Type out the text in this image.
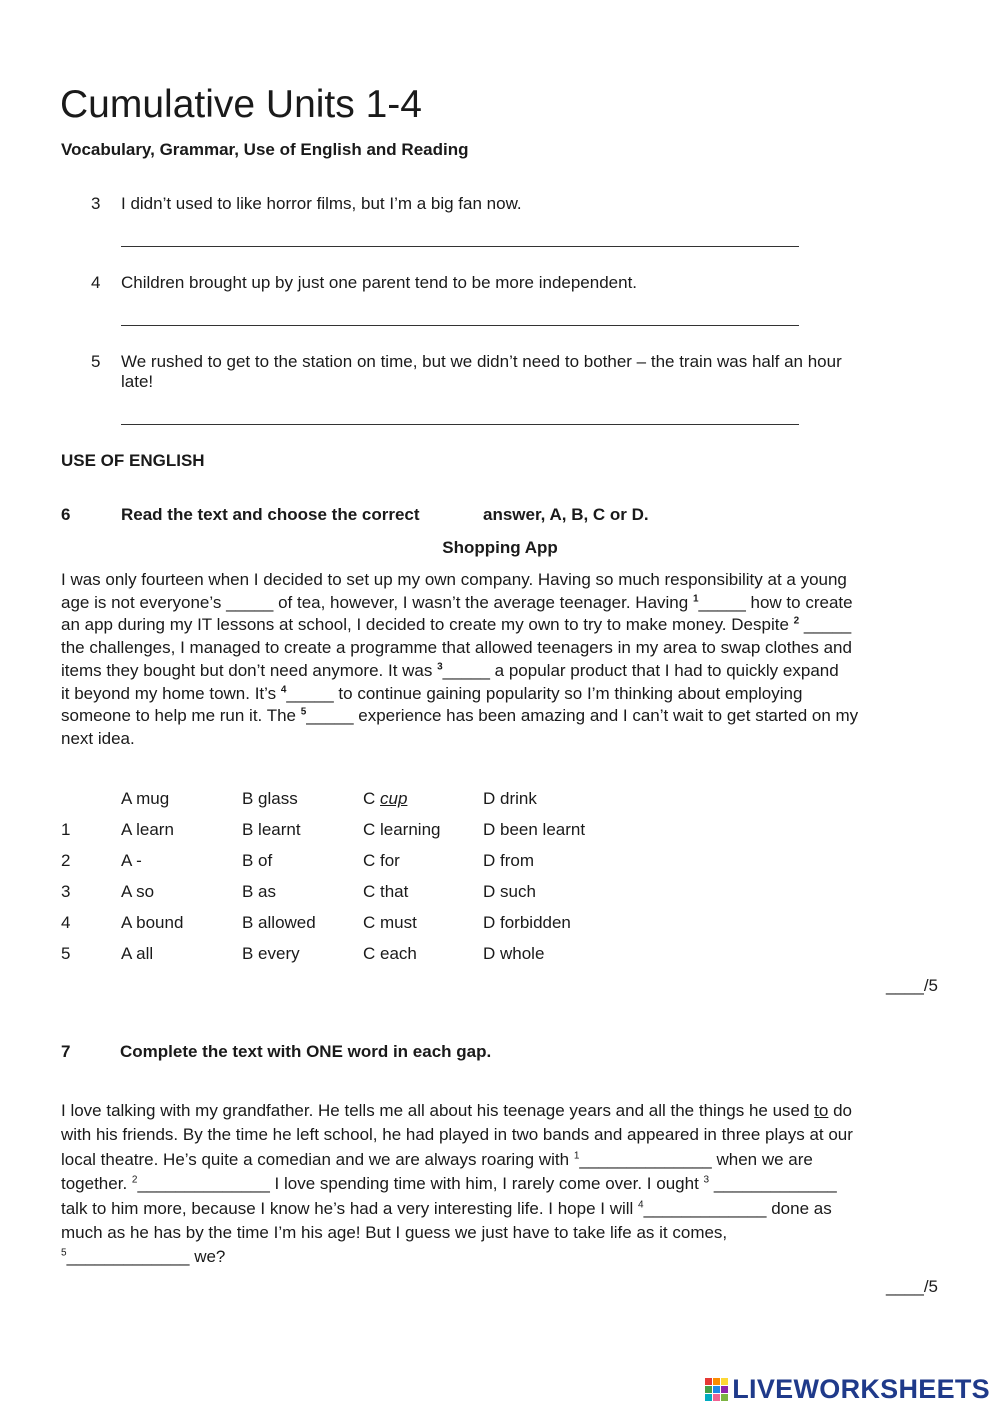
Cumulative Units 1-4
Vocabulary, Grammar, Use of English and Reading
3 I didn’t used to like horror films, but I’m a big fan now.
4 Children brought up by just one parent tend to be more independent.
5 We rushed to get to the station on time, but we didn’t need to bother – the train was half an hour
late!
USE OF ENGLISH
6	Read the text and choose the correct	answer, A, B, C or D.
Shopping App
I was only fourteen when I decided to set up my own company. Having so much responsibility at a young
age is not everyone’s _____ of tea, however, I wasn’t the average teenager. Having $^1$_____ how to create
an app during my IT lessons at school, I decided to create my own to try to make money. Despite $^2$ _____
the challenges, I managed to create a programme that allowed teenagers in my area to swap clothes and
items they bought but don’t need anymore. It was $^3$_____ a popular product that I had to quickly expand
it beyond my home town. It’s $^4$_____ to continue gaining popularity so I’m thinking about employing
someone to help me run it. The $^5$_____ experience has been amazing and I can’t wait to get started on my
next idea.
A mug	B glass	C cup	D drink
1	A learn	B learnt	C learning	D been learnt
2	A -	B of	C for	D from
3	A so	B as	C that	D such
4	A bound	B allowed	C must	D forbidden
5	A all	B every	C each	D whole
____/5
7	Complete the text with ONE word in each gap.
I love talking with my grandfather. He tells me all about his teenage years and all the things he used to do
with his friends. By the time he left school, he had played in two bands and appeared in three plays at our
local theatre. He’s quite a comedian and we are always roaring with $^1$______________ when we are
together. $^2$______________ I love spending time with him, I rarely come over. I ought $^3$ _____________
talk to him more, because I know he’s had a very interesting life. I hope I will $^4$_____________ done as
much as he has by the time I’m his age! But I guess we just have to take life as it comes,
$^5$_____________ we?
____/5
LIVEWORKSHEETS
